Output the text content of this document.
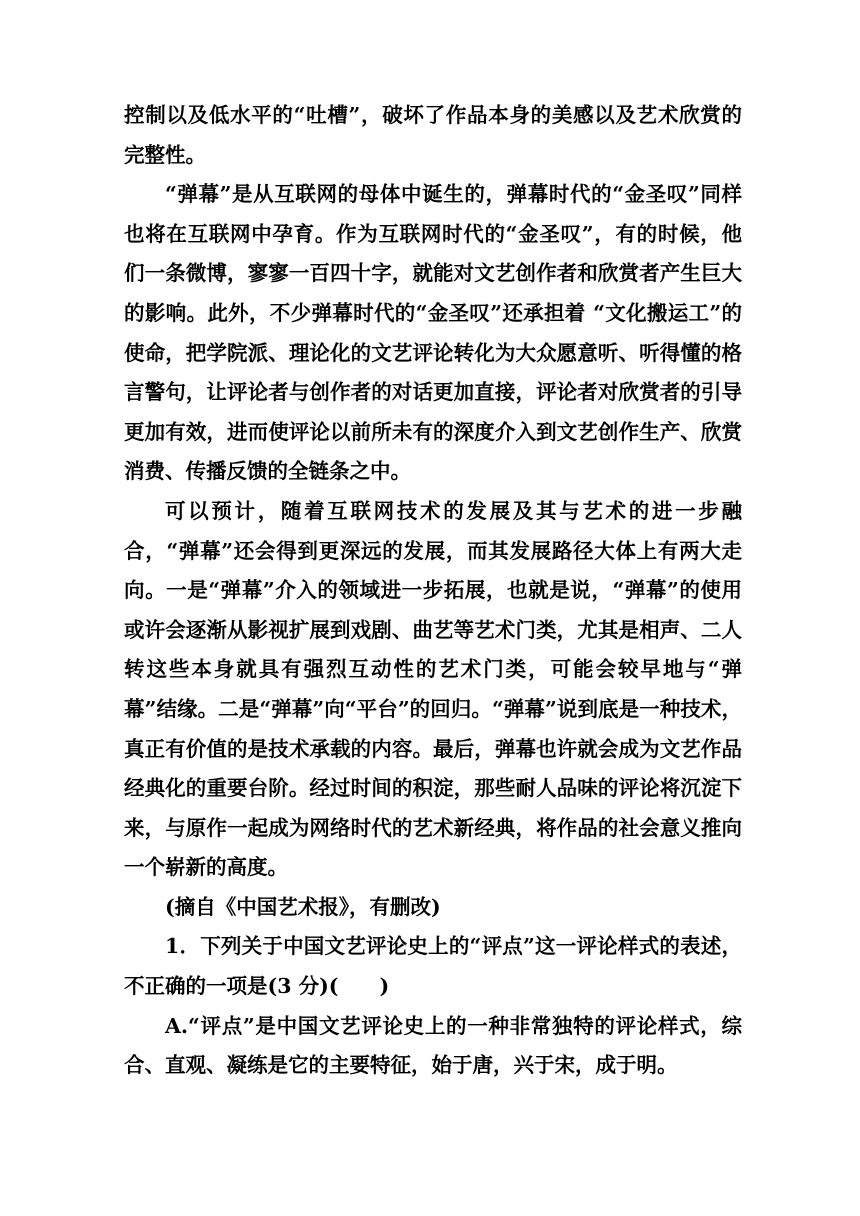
控制以及低水平的“吐槽”，破坏了作品本身的美感以及艺术欣赏的完整性。

“弹幕”是从互联网的母体中诞生的，弹幕时代的“金圣叹”同样也将在互联网中孕育。作为互联网时代的“金圣叹”，有的时候，他们一条微博，寥寥一百四十字，就能对文艺创作者和欣赏者产生巨大的影响。此外，不少弹幕时代的“金圣叹”还承担着 “文化搬运工”的使命，把学院派、理论化的文艺评论转化为大众愿意听、听得懂的格言警句，让评论者与创作者的对话更加直接，评论者对欣赏者的引导更加有效，进而使评论以前所未有的深度介入到文艺创作生产、欣赏消费、传播反馈的全链条之中。

可以预计，随着互联网技术的发展及其与艺术的进一步融合，“弹幕”还会得到更深远的发展，而其发展路径大体上有两大走向。一是“弹幕”介入的领域进一步拓展，也就是说，“弹幕”的使用或许会逐渐从影视扩展到戏剧、曲艺等艺术门类，尤其是相声、二人转这些本身就具有强烈互动性的艺术门类，可能会较早地与“弹幕”结缘。二是“弹幕”向“平台”的回归。“弹幕”说到底是一种技术，真正有价值的是技术承载的内容。最后，弹幕也许就会成为文艺作品经典化的重要台阶。经过时间的积淀，那些耐人品味的评论将沉淀下来，与原作一起成为网络时代的艺术新经典，将作品的社会意义推向一个崭新的高度。

(摘自《中国艺术报》，有删改)

1．下列关于中国文艺评论史上的“评点”这一评论样式的表述，不正确的一项是(3 分)(　　)

A.“评点”是中国文艺评论史上的一种非常独特的评论样式，综合、直观、凝练是它的主要特征，始于唐，兴于宋，成于明。
